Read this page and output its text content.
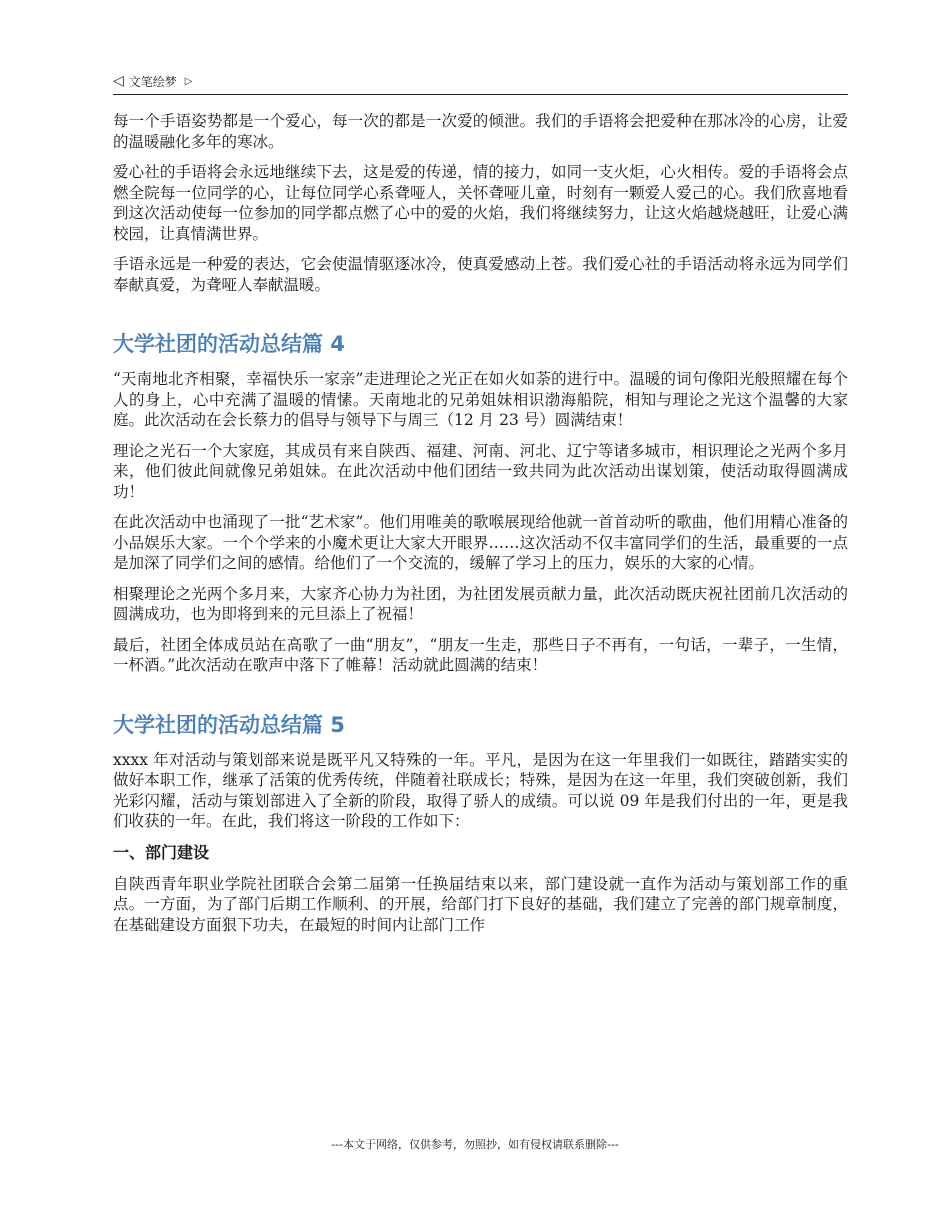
◁ 文笔绘梦 ▷

每一个手语姿势都是一个爱心，每一次的都是一次爱的倾泄。我们的手语将会把爱种在那冰冷的心房，让爱的温暖融化多年的寒冰。

爱心社的手语将会永远地继续下去，这是爱的传递，情的接力，如同一支火炬，心火相传。爱的手语将会点燃全院每一位同学的心，让每位同学心系聋哑人，关怀聋哑儿童，时刻有一颗爱人爱己的心。我们欣喜地看到这次活动使每一位参加的同学都点燃了心中的爱的火焰，我们将继续努力，让这火焰越烧越旺，让爱心满校园，让真情满世界。

手语永远是一种爱的表达，它会使温情驱逐冰冷，使真爱感动上苍。我们爱心社的手语活动将永远为同学们奉献真爱，为聋哑人奉献温暖。

大学社团的活动总结篇 4

“天南地北齐相聚，幸福快乐一家亲”走进理论之光正在如火如荼的进行中。温暖的词句像阳光般照耀在每个人的身上，心中充满了温暖的情愫。天南地北的兄弟姐妹相识渤海船院，相知与理论之光这个温馨的大家庭。此次活动在会长蔡力的倡导与领导下与周三（12 月 23 号）圆满结束！

理论之光石一个大家庭，其成员有来自陕西、福建、河南、河北、辽宁等诸多城市，相识理论之光两个多月来，他们彼此间就像兄弟姐妹。在此次活动中他们团结一致共同为此次活动出谋划策，使活动取得圆满成功！

在此次活动中也涌现了一批“艺术家”。他们用唯美的歌喉展现给他就一首首动听的歌曲，他们用精心准备的小品娱乐大家。一个个学来的小魔术更让大家大开眼界……这次活动不仅丰富同学们的生活，最重要的一点是加深了同学们之间的感情。给他们了一个交流的，缓解了学习上的压力，娱乐的大家的心情。

相聚理论之光两个多月来，大家齐心协力为社团，为社团发展贡献力量，此次活动既庆祝社团前几次活动的圆满成功，也为即将到来的元旦添上了祝福！

最后，社团全体成员站在高歌了一曲“朋友”，“朋友一生走，那些日子不再有，一句话，一辈子，一生情，一杯酒。”此次活动在歌声中落下了帷幕！活动就此圆满的结束！

大学社团的活动总结篇 5

xxxx 年对活动与策划部来说是既平凡又特殊的一年。平凡，是因为在这一年里我们一如既往，踏踏实实的做好本职工作，继承了活策的优秀传统，伴随着社联成长；特殊，是因为在这一年里，我们突破创新，我们光彩闪耀，活动与策划部进入了全新的阶段，取得了骄人的成绩。可以说 09 年是我们付出的一年，更是我们收获的一年。在此，我们将这一阶段的工作如下：

一、部门建设

自陕西青年职业学院社团联合会第二届第一任换届结束以来，部门建设就一直作为活动与策划部工作的重点。一方面，为了部门后期工作顺利、的开展，给部门打下良好的基础，我们建立了完善的部门规章制度，在基础建设方面狠下功夫，在最短的时间内让部门工作

---本文于网络，仅供参考，勿照抄，如有侵权请联系删除---
